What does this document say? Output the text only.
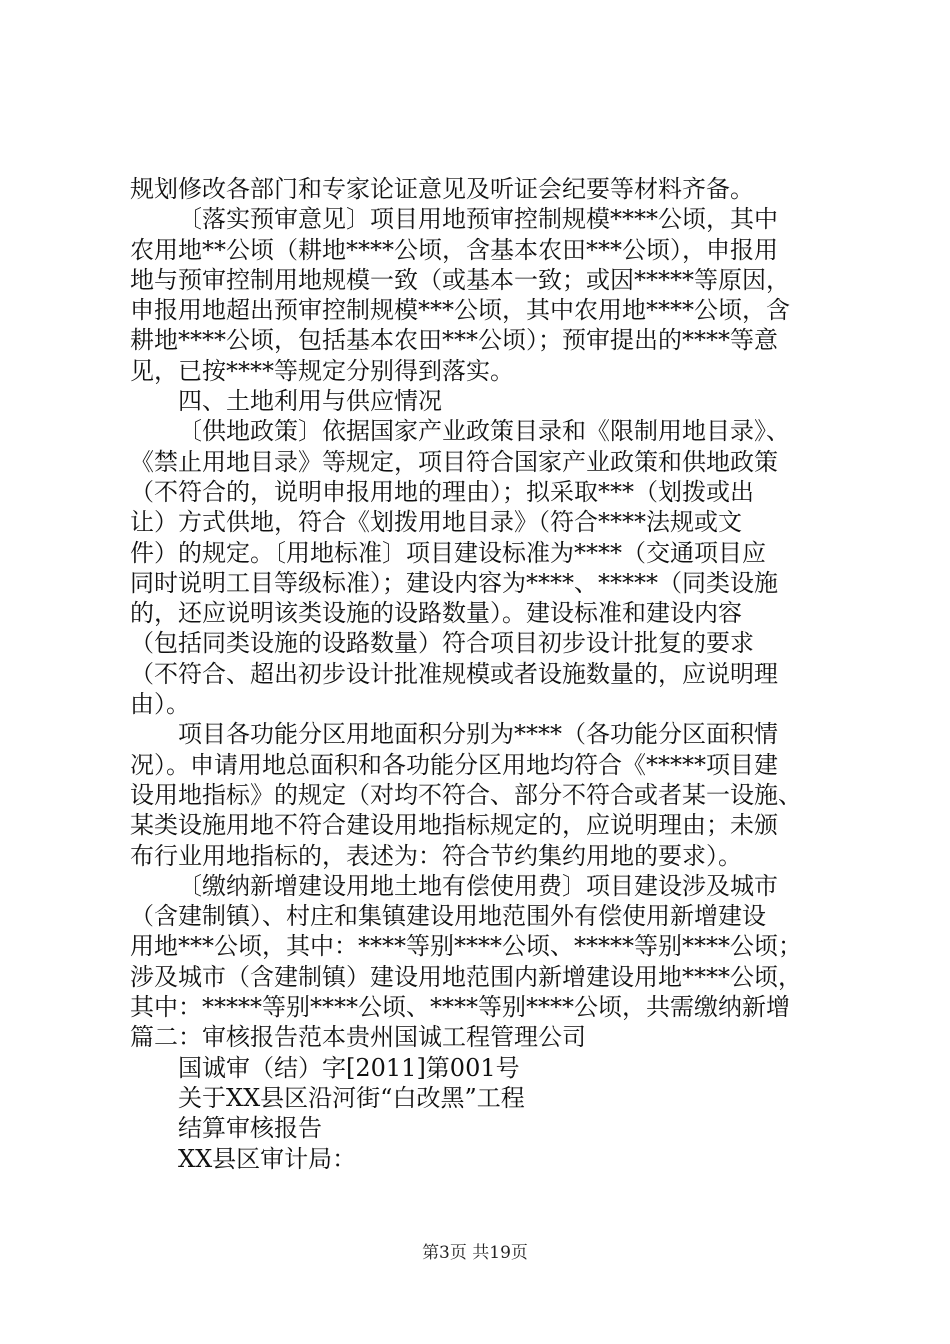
规划修改各部门和专家论证意见及听证会纪要等材料齐备。
〔落实预审意见〕项目用地预审控制规模****公顷，其中
农用地**公顷（耕地****公顷，含基本农田***公顷），申报用
地与预审控制用地规模一致（或基本一致；或因*****等原因，
申报用地超出预审控制规模***公顷，其中农用地****公顷，含
耕地****公顷，包括基本农田***公顷）；预审提出的****等意
见，已按****等规定分别得到落实。
四、土地利用与供应情况
〔供地政策〕依据国家产业政策目录和《限制用地目录》、
《禁止用地目录》等规定，项目符合国家产业政策和供地政策
（不符合的，说明申报用地的理由）；拟采取***（划拨或出
让）方式供地，符合《划拨用地目录》（符合****法规或文
件）的规定。〔用地标准〕项目建设标准为****（交通项目应
同时说明工目等级标准）；建设内容为****、*****（同类设施
的，还应说明该类设施的设路数量）。建设标准和建设内容
（包括同类设施的设路数量）符合项目初步设计批复的要求
（不符合、超出初步设计批准规模或者设施数量的，应说明理
由）。
项目各功能分区用地面积分别为****（各功能分区面积情
况）。申请用地总面积和各功能分区用地均符合《*****项目建
设用地指标》的规定（对均不符合、部分不符合或者某一设施、
某类设施用地不符合建设用地指标规定的，应说明理由；未颁
布行业用地指标的，表述为：符合节约集约用地的要求）。
〔缴纳新增建设用地土地有偿使用费〕项目建设涉及城市
（含建制镇）、村庄和集镇建设用地范围外有偿使用新增建设
用地***公顷，其中：****等别****公顷、*****等别****公顷；
涉及城市（含建制镇）建设用地范围内新增建设用地****公顷，
其中：*****等别****公顷、****等别****公顷，共需缴纳新增
篇二：审核报告范本贵州国诚工程管理公司
国诚审（结）字[2011]第001号
关于XX县区沿河街“白改黑”工程
结算审核报告
XX县区审计局：
第3页 共19页
